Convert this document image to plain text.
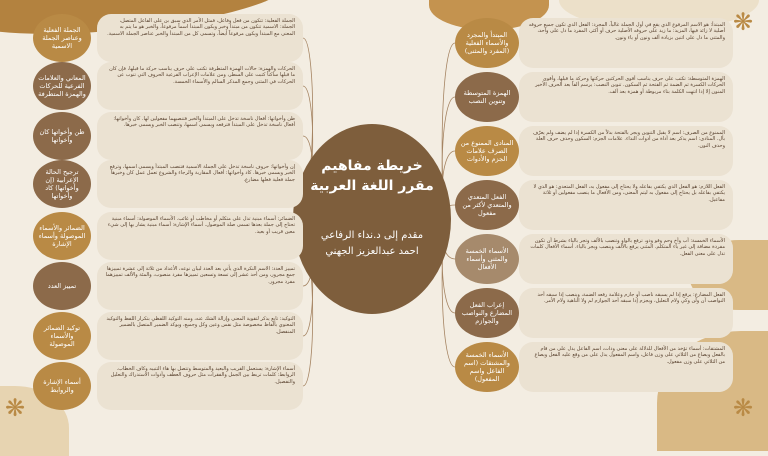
❋
❋	❋
خريطة مفاهيم مقرر اللغة العربية
مقدم إلى د.نداء الرفاعي
احمد عبدالعزيز الجهني
الجملة الفعلية وعناصر الجملة الاسمية
الجملة الفعلية: تتكون من فعل وفاعل، فمثل الأمر الذي سبق بن على الفاعل المتصل، الجملة: الاسمية تتكون من مبتدأ وخبر ويكون المبتدأ اسماً مرفوعاً، والخبر هو ما يتم به المعنى مع المبتدأ ويكون مرفوعاً أيضاً، وتسمى كل من المبتدأ والخبر عناصر الجملة الاسمية.
المعاني والعلامات الفرعية للحركات والهمزة المتطرفة
الحركات والهمزة: حالات الهمزة المتطرفة تكتب على حرف يناسب حركة ما قبلها، فإن كان ما قبلها ساكناً كتبت على السطر، ومن علامات الإعراب الفرعية الحروف التي تنوب عن الحركات في المثنى وجمع المذكر السالم والأسماء الخمسة.
ظن وأخواتها كان وأخواتها
ظن وأخواتها: أفعال ناسخة تدخل على المبتدأ والخبر فتنصبهما مفعولين لها. كان وأخواتها: أفعال ناسخة تدخل على المبتدأ فترفعه ويسمى اسمها، وتنصب الخبر ويسمى خبرها.
ترجيح الحالة الإعرابية (إن وأخواتها) كاد وأخواتها
إن وأخواتها: حروف ناسخة تدخل على الجملة الاسمية فتنصب المبتدأ ويسمى اسمها، وترفع الخبر ويسمى خبرها. كاد وأخواتها: أفعال المقاربة والرجاء والشروع تعمل عمل كان وخبرها جملة فعلية فعلها مضارع.
الضمائر والأسماء الموصولة وأسماء الإشارة
الضمائر: أسماء مبنية تدل على متكلم أو مخاطب أو غائب. الأسماء الموصولة: أسماء مبنية تحتاج إلى جملة بعدها تسمى صلة الموصول. أسماء الإشارة: أسماء مبنية يشار بها إلى شيء معين قريب أو بعيد.
تمييز العدد
تمييز العدد: الاسم النكرة الذي يأتي بعد العدد لبيان نوعه، الأعداد من ثلاثة إلى عشرة تمييزها جمع مجرور، ومن أحد عشر إلى تسعة وتسعين تمييزها مفرد منصوب، والمئة والألف تمييزهما مفرد مجرور.
توكيد الضمائر والأسماء الموصولة
التوكيد: تابع يذكر لتقوية المعنى وإزالة الشك عنه، ومنه التوكيد اللفظي بتكرار اللفظ والتوكيد المعنوي بألفاظ مخصوصة مثل نفس وعين وكل وجميع، ويوكد الضمير المتصل بالضمير المنفصل.
أسماء الإشارة والروابط
أسماء الإشارة: يستعمل القريب والبعيد والمتوسط وتتصل بها هاء التنبيه وكاف الخطاب. الروابط: كلمات تربط بين الجمل والفقرات مثل حروف العطف وأدوات الاستدراك والتعليل والتفصيل.
المبتدأ: هو الاسم المرفوع الذي يقع في أول الجملة غالباً، المجرد: الفعل الذي تكون جميع حروفه أصلية لا زائد فيها، المزيد: ما زيد على حروفه الأصلية حرف أو أكثر، المفرد ما دل على واحد، والمثنى ما دل على اثنين بزيادة ألف ونون أو ياء ونون.
المبتدأ والمجرد والأسماء الفعلية (المفرد والمثنى)
الهمزة المتوسطة: تكتب على حرف يناسب أقوى الحركتين حركتها وحركة ما قبلها، وأقوى الحركات الكسرة ثم الضمة ثم الفتحة ثم السكون. تنوين النصب: يرسم ألفاً بعد الحرف الأخير المنون إلا إذا انتهت الكلمة بتاء مربوطة أو همزة بعد ألف.
الهمزة المتوسطة وتنوين النصب
الممنوع من الصرف: اسم لا يقبل التنوين ويجر بالفتحة بدلاً من الكسرة إذا لم يضف ولم يعرّف بأل. المنادى: اسم يذكر بعد أداة من أدوات النداء. علامات الجزم: السكون وحذف حرف العلة وحذف النون.
المنادى الممنوع من الصرف علامات الجزم والأدوات
الفعل اللازم: هو الفعل الذي يكتفي بفاعله ولا يحتاج إلى مفعول به، الفعل المتعدي: هو الذي لا يكتفي بفاعله بل يحتاج إلى مفعول به ليتم المعنى، ومن الأفعال ما ينصب مفعولين أو ثلاثة مفاعيل.
الفعل المتعدي والمتعدي لأكثر من مفعول
الأسماء الخمسة: أب وأخ وحم وفو وذو، ترفع بالواو وتنصب بالألف وتجر بالياء بشرط أن تكون مفردة مضافة إلى غير ياء المتكلم. المثنى يرفع بالألف وينصب ويجر بالياء. أسماء الأفعال كلمات تدل على معنى الفعل.
الأسماء الخمسة والمثنى وأسماء الأفعال
الفعل المضارع: يرفع إذا لم يسبقه ناصب أو جازم وعلامة رفعه الضمة، وينصب إذا سبقه أحد النواصب أن ولن وكي ولام التعليل، ويجزم إذا سبقه أحد الجوازم لم ولا الناهية ولام الأمر.
إعراب الفعل المضارع والنواصب والجوازم
المشتقات: أسماء تؤخذ من الأفعال للدلالة على معنى وذات، اسم الفاعل يدل على من قام بالفعل ويصاغ من الثلاثي على وزن فاعل، واسم المفعول يدل على من وقع عليه الفعل ويصاغ من الثلاثي على وزن مفعول.
الأسماء الخمسة والمشتقات (اسم الفاعل واسم المفعول)
